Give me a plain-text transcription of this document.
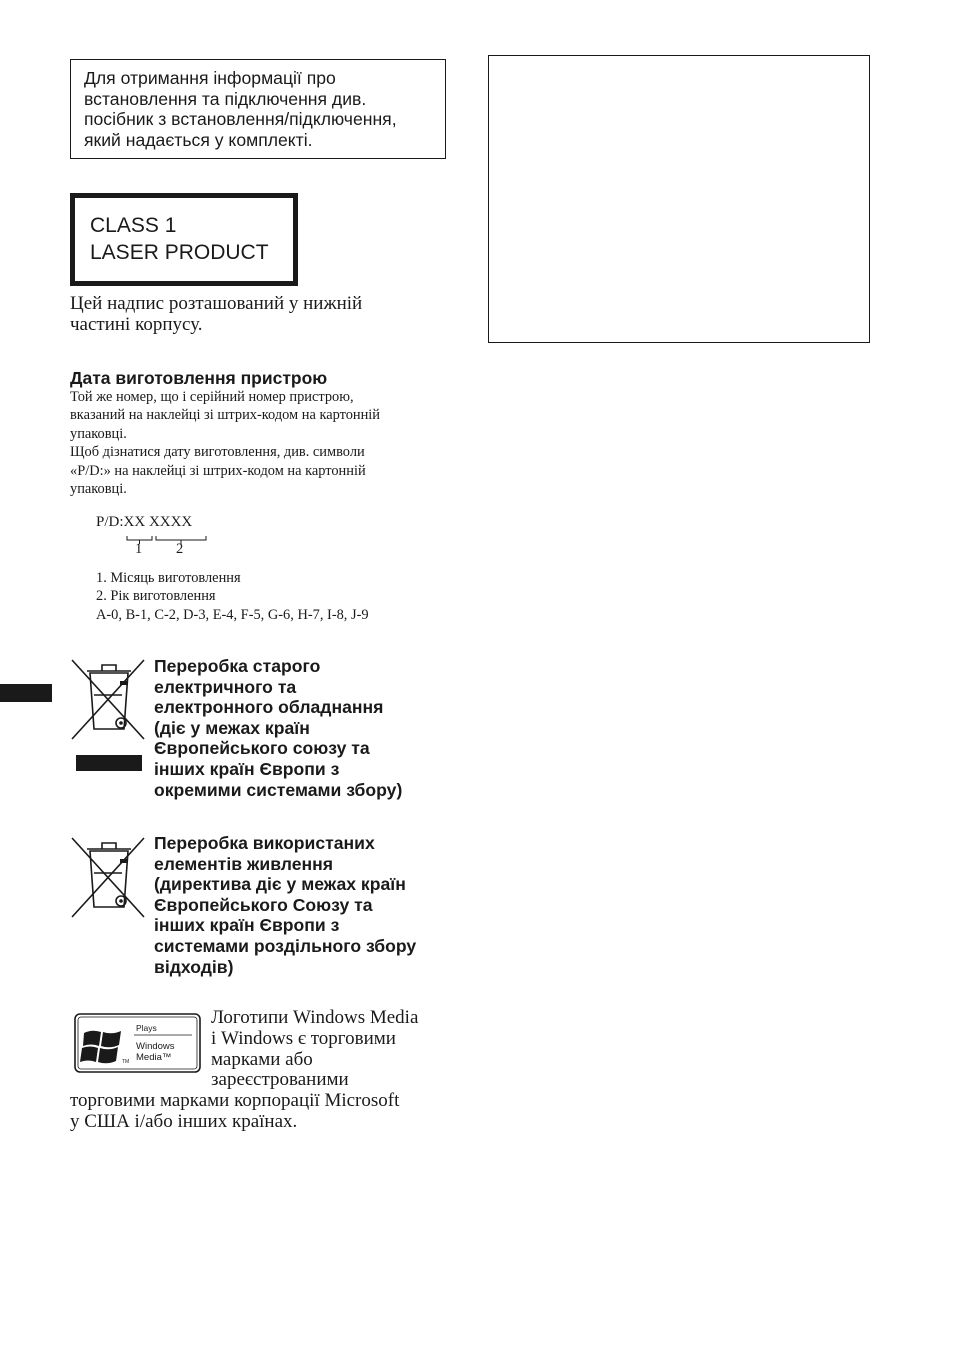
Для отримання інформації про
встановлення та підключення див.
посібник з встановлення/підключення,
який надається у комплекті.
CLASS 1
LASER PRODUCT
Цей надпис розташований у нижній
частині корпусу.
Дата виготовлення пристрою
Той же номер, що і серійний номер пристрою,
вказаний на наклейці зі штрих-кодом на картонній
упаковці.
Щоб дізнатися дату виготовлення, див. символи
«P/D:» на наклейці зі штрих-кодом на картонній
упаковці.
P/D:XX XXXX
1 2
1. Місяць виготовлення
2. Рік виготовлення
A-0, B-1, C-2, D-3, E-4, F-5, G-6, H-7, I-8, J-9
Переробка старого
електричного та
електронного обладнання
(діє у межах країн
Європейського союзу та
інших країн Європи з
окремими системами збору)
Переробка використаних
елементів живлення
(директива діє у межах країн
Європейського Союзу та
інших країн Європи з
системами роздільного збору
відходів)
Plays
Windows
Media™
TM
Логотипи Windows Media
і Windows є торговими
марками або
зареєстрованими
торговими марками корпорації Microsoft
у США і/або інших країнах.
